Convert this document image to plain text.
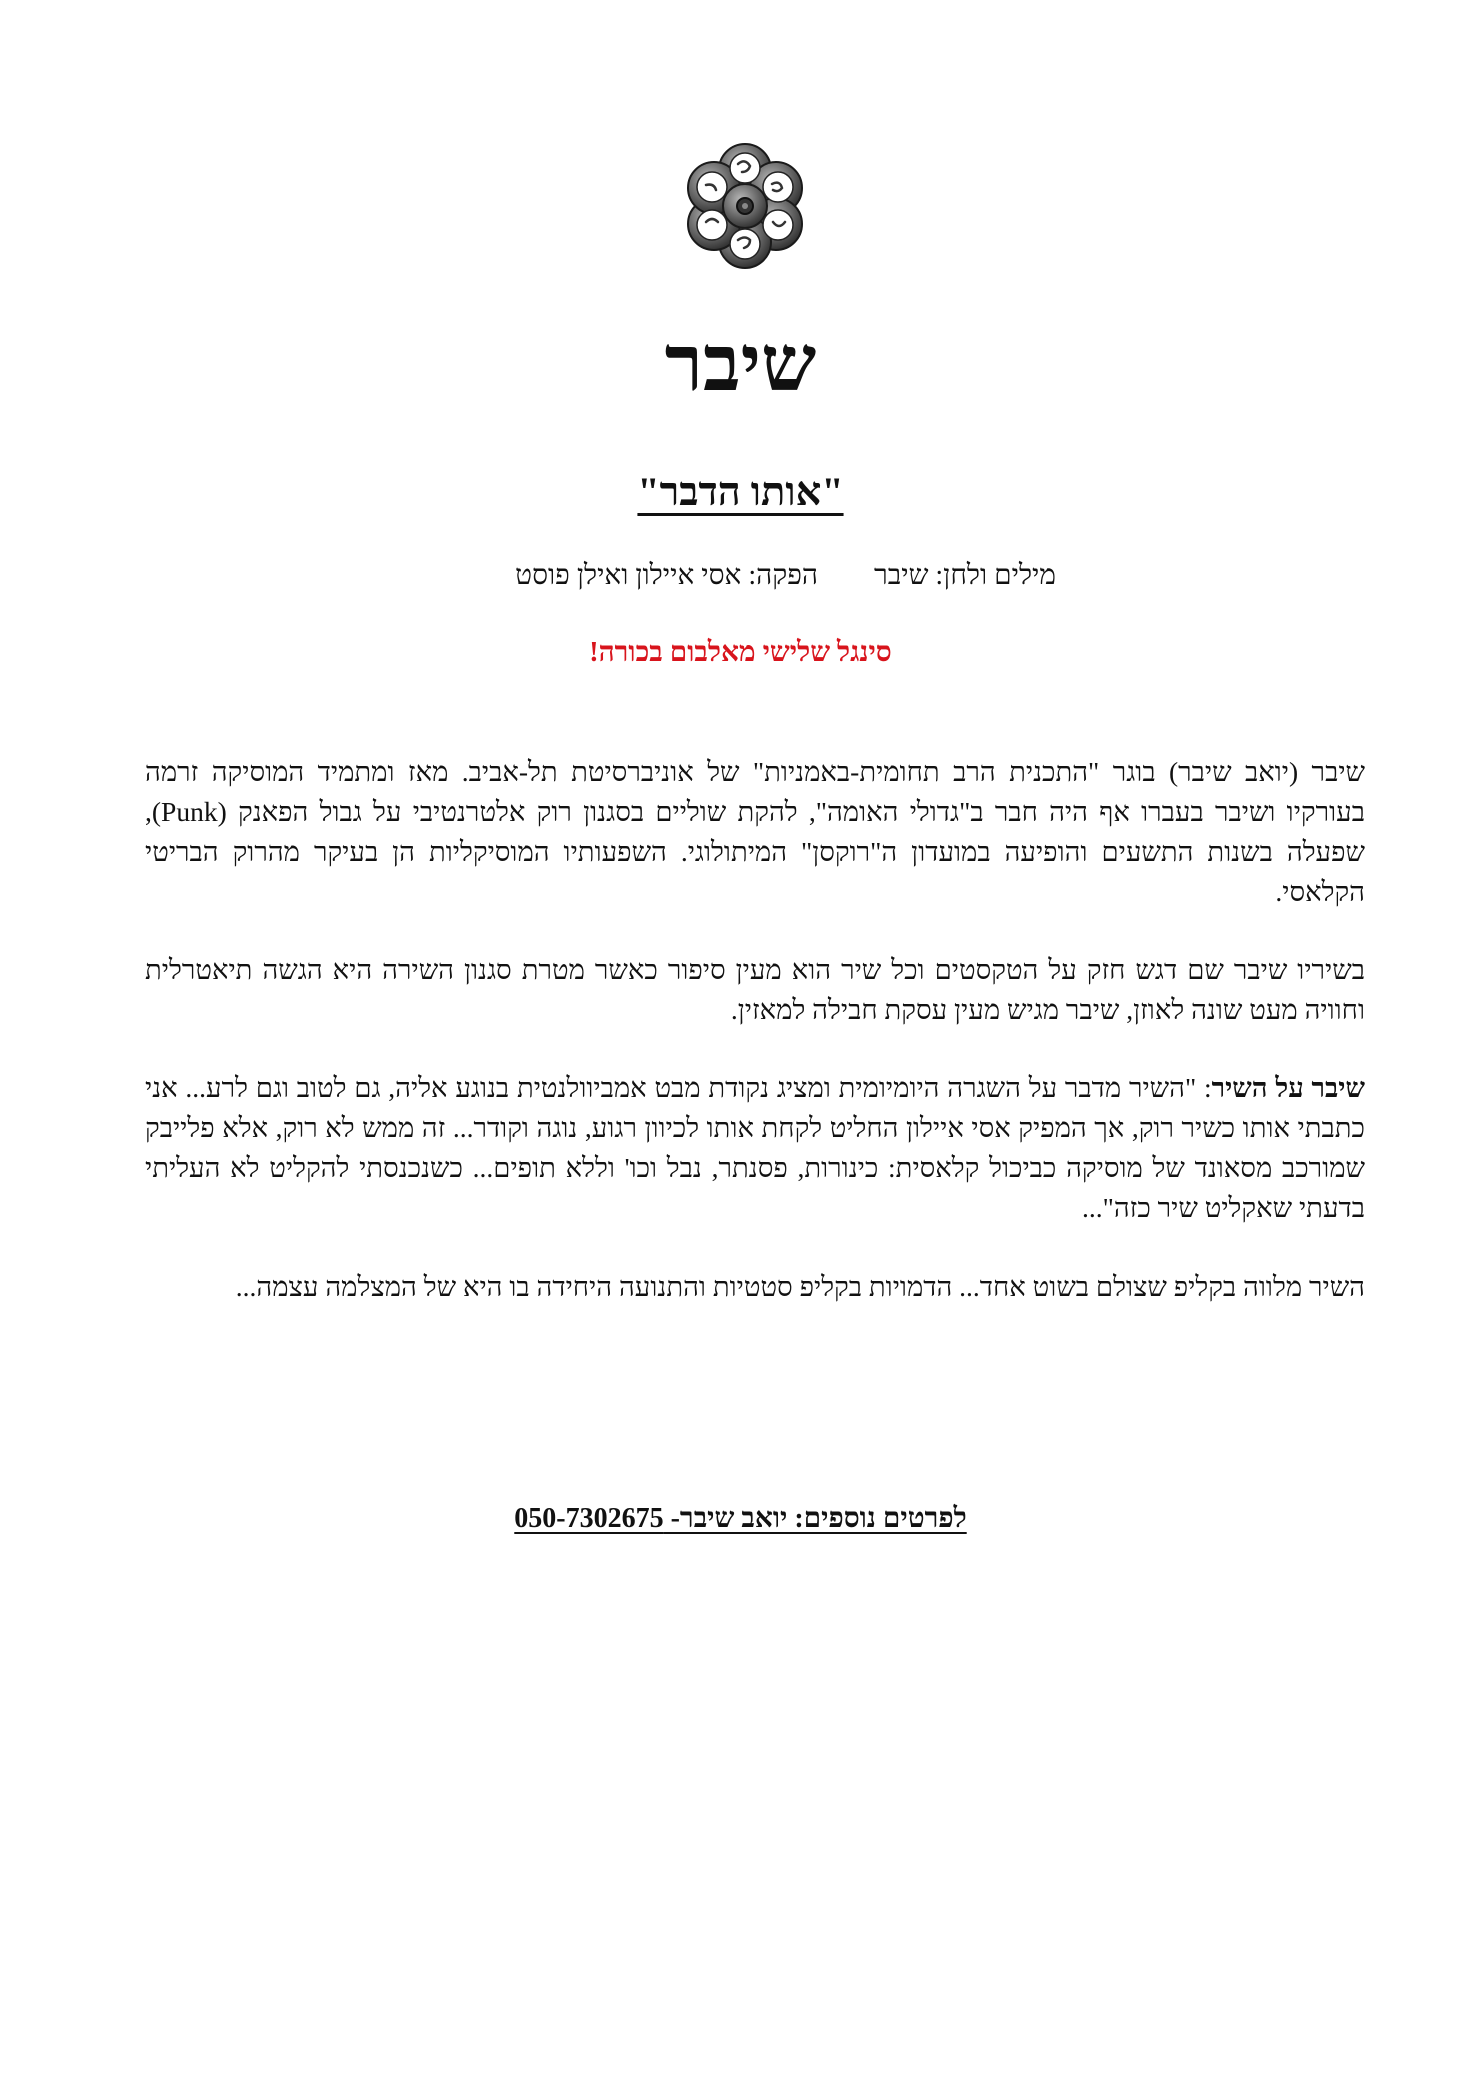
שיבר
"אותו הדבר"
מילים ולחן: שיבר
הפקה: אסי איילון ואילן פוסט
סינגל שלישי מאלבום בכורה!
שיבר (יואב שיבר) בוגר "התכנית הרב תחומית-באמניות" של אוניברסיטת תל-אביב. מאז ומתמיד המוסיקה זרמה בעורקיו ושיבר בעברו אף היה חבר ב"גדולי האומה", להקת שוליים בסגנון רוק אלטרנטיבי על גבול הפאנק (Punk), שפעלה בשנות התשעים והופיעה במועדון ה"רוקסן" המיתולוגי. השפעותיו המוסיקליות הן בעיקר מהרוק הבריטי הקלאסי.
בשיריו שיבר שם דגש חזק על הטקסטים וכל שיר הוא מעין סיפור כאשר מטרת סגנון השירה היא הגשה תיאטרלית וחוויה מעט שונה לאוזן, שיבר מגיש מעין עסקת חבילה למאזין.
שיבר על השיר: "השיר מדבר על השגרה היומיומית ומציג נקודת מבט אמביוולנטית בנוגע אליה, גם לטוב וגם לרע... אני כתבתי אותו כשיר רוק, אך המפיק אסי איילון החליט לקחת אותו לכיוון רגוע, נוגה וקודר... זה ממש לא רוק, אלא פלייבק שמורכב מסאונד של מוסיקה כביכול קלאסית: כינורות, פסנתר, נבל וכו' וללא תופים... כשנכנסתי להקליט לא העליתי בדעתי שאקליט שיר כזה"...
השיר מלווה בקליפ שצולם בשוט אחד... הדמויות בקליפ סטטיות והתנועה היחידה בו היא של המצלמה עצמה...
לפרטים נוספים: יואב שיבר- 050-7302675
